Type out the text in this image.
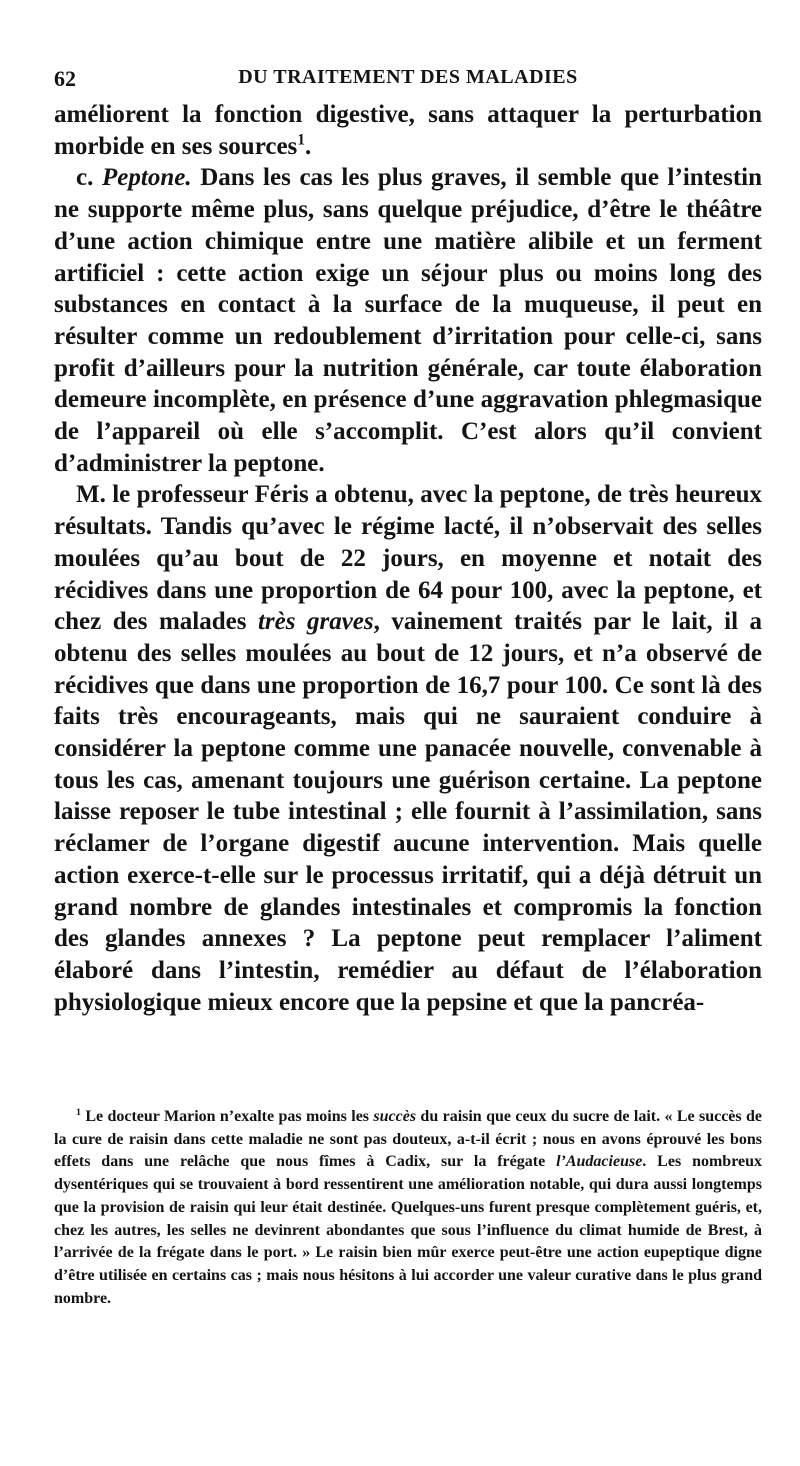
62	DU TRAITEMENT DES MALADIES

améliorent la fonction digestive, sans attaquer la perturbation morbide en ses sources$^1$.

c. Peptone. Dans les cas les plus graves, il semble que l’intestin ne supporte même plus, sans quelque préjudice, d’être le théâtre d’une action chimique entre une matière alibile et un ferment artificiel : cette action exige un séjour plus ou moins long des substances en contact à la surface de la muqueuse, il peut en résulter comme un redoublement d’irritation pour celle-ci, sans profit d’ailleurs pour la nutrition générale, car toute élaboration demeure incomplète, en présence d’une aggravation phlegmasique de l’appareil où elle s’accomplit. C’est alors qu’il convient d’administrer la peptone.

M. le professeur Féris a obtenu, avec la peptone, de très heureux résultats. Tandis qu’avec le régime lacté, il n’observait des selles moulées qu’au bout de 22 jours, en moyenne et notait des récidives dans une proportion de 64 pour 100, avec la peptone, et chez des malades très graves, vainement traités par le lait, il a obtenu des selles moulées au bout de 12 jours, et n’a observé de récidives que dans une proportion de 16,7 pour 100. Ce sont là des faits très encourageants, mais qui ne sauraient conduire à considérer la peptone comme une panacée nouvelle, convenable à tous les cas, amenant toujours une guérison certaine. La peptone laisse reposer le tube intestinal ; elle fournit à l’assimilation, sans réclamer de l’organe digestif aucune intervention. Mais quelle action exerce-t-elle sur le processus irritatif, qui a déjà détruit un grand nombre de glandes intestinales et compromis la fonction des glandes annexes ? La peptone peut remplacer l’aliment élaboré dans l’intestin, remédier au défaut de l’élaboration physiologique mieux encore que la pepsine et que la pancréa-

$^1$ Le docteur Marion n’exalte pas moins les succès du raisin que ceux du sucre de lait. « Le succès de la cure de raisin dans cette maladie ne sont pas douteux, a-t-il écrit ; nous en avons éprouvé les bons effets dans une relâche que nous fîmes à Cadix, sur la frégate l’Audacieuse. Les nombreux dysentériques qui se trouvaient à bord ressentirent une amélioration notable, qui dura aussi longtemps que la provision de raisin qui leur était destinée. Quelques-uns furent presque complètement guéris, et, chez les autres, les selles ne devinrent abondantes que sous l’influence du climat humide de Brest, à l’arrivée de la frégate dans le port. » Le raisin bien mûr exerce peut-être une action eupeptique digne d’être utilisée en certains cas ; mais nous hésitons à lui accorder une valeur curative dans le plus grand nombre.
